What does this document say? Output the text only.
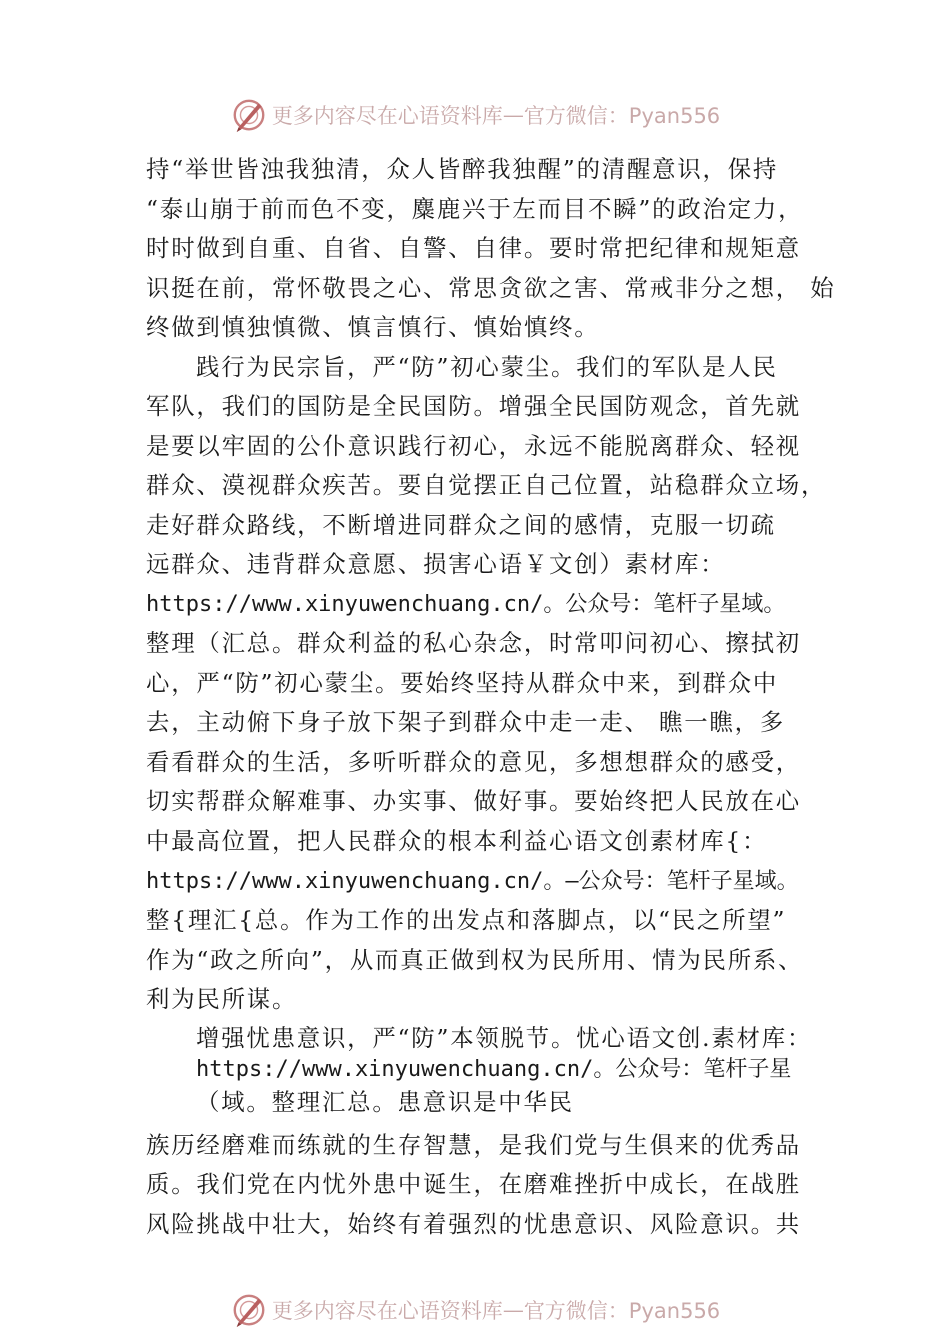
更多内容尽在心语资料库 — 官方微信：Pyan556
持“举世皆浊我独清，众人皆醉我独醒”的清醒意识，保持
“泰山崩于前而色不变，麋鹿兴于左而目不瞬”的政治定力，
时时做到自重、自省、自警、自律。要时常把纪律和规矩意
识挺在前，常怀敬畏之心、常思贪欲之害、常戒非分之想， 始
终做到慎独慎微、慎言慎行、慎始慎终。
践行为民宗旨，严“防”初心蒙尘。我们的军队是人民
军队，我们的国防是全民国防。增强全民国防观念，首先就
是要以牢固的公仆意识践行初心，永远不能脱离群众、轻视
群众、漠视群众疾苦。要自觉摆正自己位置，站稳群众立场，
走好群众路线，不断增进同群众之间的感情，克服一切疏
远群众、违背群众意愿、损害心语￥文创）素材库：
https://www.xinyuwenchuang.cn/。公众号：笔杆子星域。
整理（汇总。群众利益的私心杂念，时常叩问初心、擦拭初
心，严“防”初心蒙尘。要始终坚持从群众中来，到群众中
去，主动俯下身子放下架子到群众中走一走、 瞧一瞧，多
看看群众的生活，多听听群众的意见，多想想群众的感受，
切实帮群众解难事、办实事、做好事。要始终把人民放在心
中最高位置，把人民群众的根本利益心语文创素材库{：
https://www.xinyuwenchuang.cn/。—公众号：笔杆子星域。
整{理汇{总。作为工作的出发点和落脚点，以“民之所望”
作为“政之所向”，从而真正做到权为民所用、情为民所系、
利为民所谋。
增强忧患意识，严“防”本领脱节。忧心语文创.素材库：
https://www.xinyuwenchuang.cn/。公众号：笔杆子星
（域。整理汇总。患意识是中华民
族历经磨难而练就的生存智慧，是我们党与生俱来的优秀品
质。我们党在内忧外患中诞生，在磨难挫折中成长，在战胜
风险挑战中壮大，始终有着强烈的忧患意识、风险意识。共
更多内容尽在心语资料库 — 官方微信：Pyan556
